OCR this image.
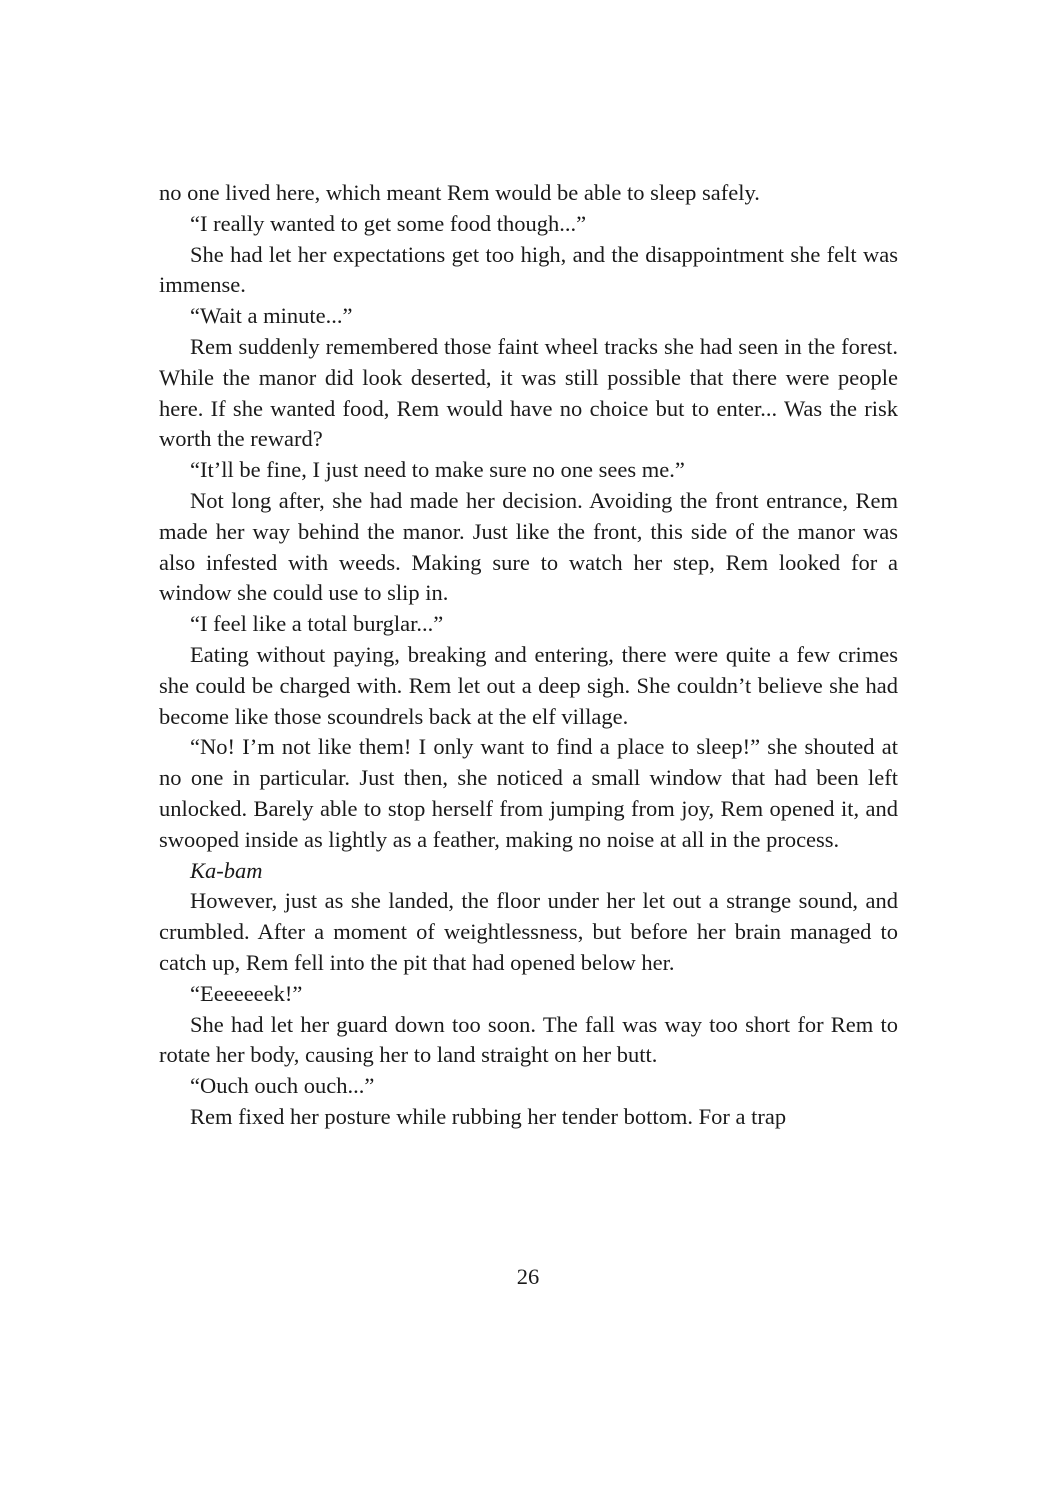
no one lived here, which meant Rem would be able to sleep safely.

“I really wanted to get some food though...”

She had let her expectations get too high, and the disappointment she felt was immense.

“Wait a minute...”

Rem suddenly remembered those faint wheel tracks she had seen in the forest. While the manor did look deserted, it was still possible that there were people here. If she wanted food, Rem would have no choice but to enter... Was the risk worth the reward?

“It’ll be fine, I just need to make sure no one sees me.”

Not long after, she had made her decision. Avoiding the front entrance, Rem made her way behind the manor. Just like the front, this side of the manor was also infested with weeds. Making sure to watch her step, Rem looked for a window she could use to slip in.

“I feel like a total burglar...”

Eating without paying, breaking and entering, there were quite a few crimes she could be charged with. Rem let out a deep sigh. She couldn’t believe she had become like those scoundrels back at the elf village.

“No! I’m not like them! I only want to find a place to sleep!” she shouted at no one in particular. Just then, she noticed a small window that had been left unlocked. Barely able to stop herself from jumping from joy, Rem opened it, and swooped inside as lightly as a feather, making no noise at all in the process.

Ka-bam

However, just as she landed, the floor under her let out a strange sound, and crumbled. After a moment of weightlessness, but before her brain managed to catch up, Rem fell into the pit that had opened below her.

“Eeeeeeek!”

She had let her guard down too soon. The fall was way too short for Rem to rotate her body, causing her to land straight on her butt.

“Ouch ouch ouch...”

Rem fixed her posture while rubbing her tender bottom. For a trap

26
